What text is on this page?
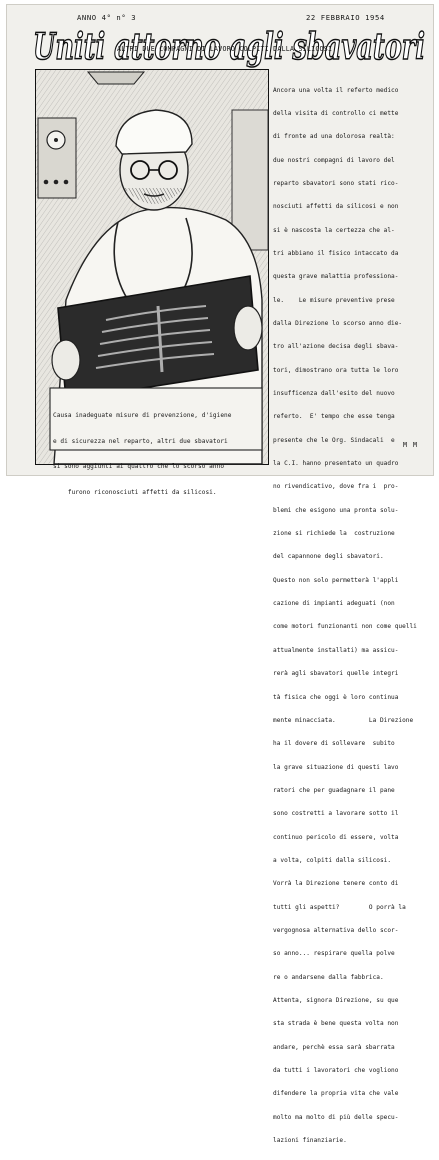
ANNO 4° n° 3	22 FEBBRAIO 1954
Uniti attorno agli sbavatori
ALTRI DUE COMPAGNI DI LAVORO COLPITI DALLA SILICOSI

Causa inadeguate misure di prevenzione, d'igiene

e di sicurezza nel reparto, altri due sbavatori

si sono aggiunti ai quattro che lo scorso anno

furono riconosciuti affetti da silicosi.

Ancora una volta il referto medico

della visita di controllo ci mette

di fronte ad una dolorosa realtà:

due nostri compagni di lavoro del

reparto sbavatori sono stati rico-

nosciuti affetti da silicosi e non

si è nascosta la certezza che al-

tri abbiano il fisico intaccato da

questa grave malattia professiona-

le.    Le misure preventive prese

dalla Direzione lo scorso anno die-

tro all'azione decisa degli sbava-

tori, dimostrano ora tutta le loro

insufficenza dall'esito del nuovo

referto.  E' tempo che esse tenga

presente che le Org. Sindacali  e

la C.I. hanno presentato un quadro

no rivendicativo, dove fra i  pro-

blemi che esigono una pronta solu-

zione si richiede la  costruzione

del capannone degli sbavatori.

Questo non solo permetterà l'appli

cazione di impianti adeguati (non

come motori funzionanti non come quelli

attualmente installati) ma assicu-

rerà agli sbavatori quelle integri

tà fisica che oggi è loro continua

mente minacciata.         La Direzione

ha il dovere di sollevare  subito

la grave situazione di questi lavo

ratori che per guadagnare il pane

sono costretti a lavorare sotto il

continuo pericolo di essere, volta

a volta, colpiti dalla silicosi.

Vorrà la Direzione tenere conto di

tutti gli aspetti?        O porrà la

vergognosa alternativa dello scor-

so anno... respirare quella polve

re o andarsene dalla fabbrica.

Attenta, signora Direzione, su que

sta strada è bene questa volta non

andare, perchè essa sarà sbarrata

da tutti i lavoratori che vogliono

difendere la propria vita che vale

molto ma molto di più delle specu-

lazioni finanziarie.

M M
